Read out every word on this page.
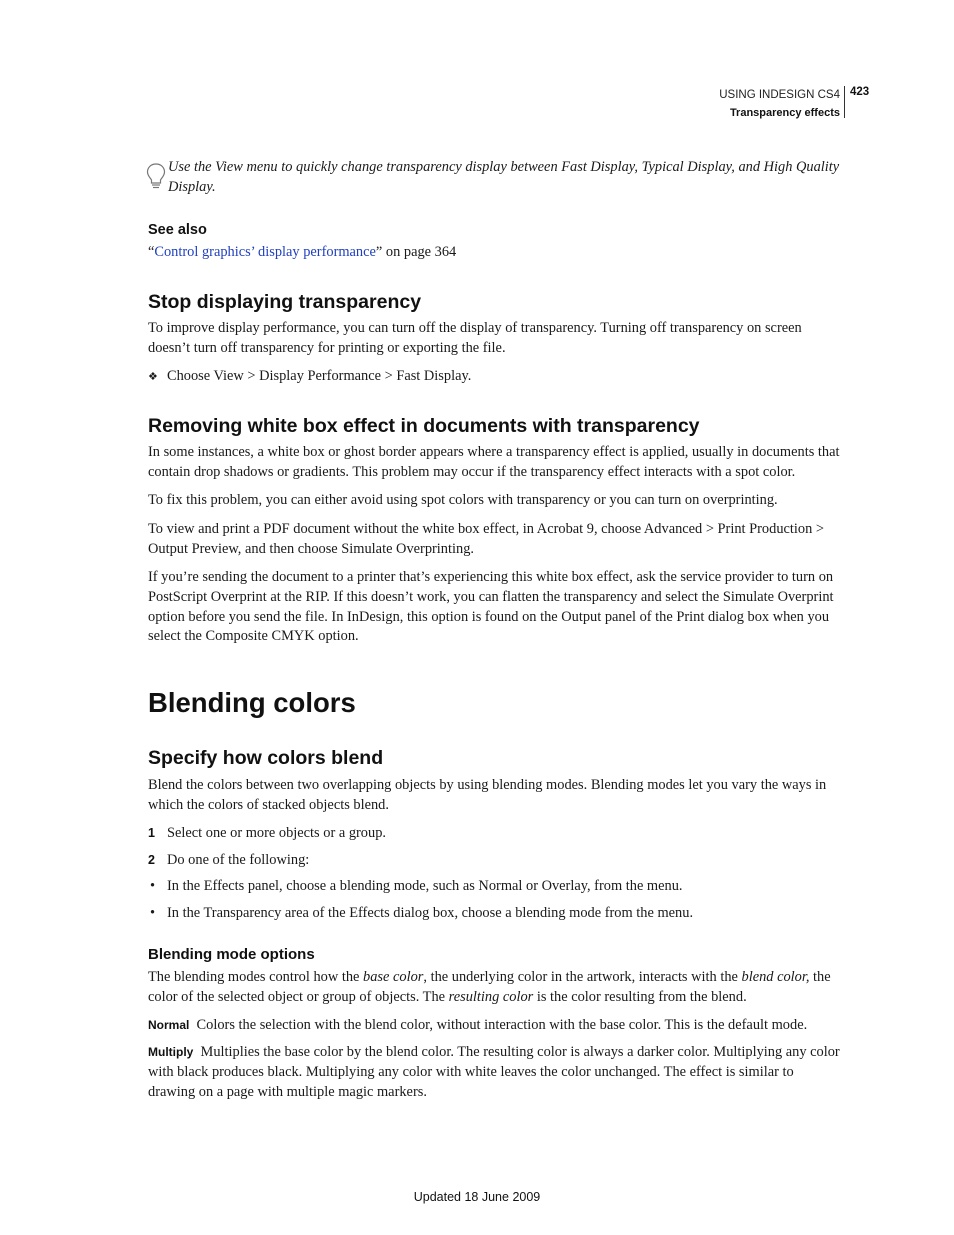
USING INDESIGN CS4
Transparency effects
423

Use the View menu to quickly change transparency display between Fast Display, Typical Display, and High Quality Display.

See also

“Control graphics’ display performance” on page 364

Stop displaying transparency

To improve display performance, you can turn off the display of transparency. Turning off transparency on screen doesn’t turn off transparency for printing or exporting the file.

❖ Choose View > Display Performance > Fast Display.
Removing white box effect in documents with transparency

In some instances, a white box or ghost border appears where a transparency effect is applied, usually in documents that contain drop shadows or gradients. This problem may occur if the transparency effect interacts with a spot color.

To fix this problem, you can either avoid using spot colors with transparency or you can turn on overprinting.

To view and print a PDF document without the white box effect, in Acrobat 9, choose Advanced > Print Production > Output Preview, and then choose Simulate Overprinting.

If you’re sending the document to a printer that’s experiencing this white box effect, ask the service provider to turn on PostScript Overprint at the RIP. If this doesn’t work, you can flatten the transparency and select the Simulate Overprint option before you send the file. In InDesign, this option is found on the Output panel of the Print dialog box when you select the Composite CMYK option.

Blending colors
Specify how colors blend

Blend the colors between two overlapping objects by using blending modes. Blending modes let you vary the ways in which the colors of stacked objects blend.

1 Select one or more objects or a group.
2 Do one of the following:
• In the Effects panel, choose a blending mode, such as Normal or Overlay, from the menu.
• In the Transparency area of the Effects dialog box, choose a blending mode from the menu.
Blending mode options

The blending modes control how the base color, the underlying color in the artwork, interacts with the blend color, the color of the selected object or group of objects. The resulting color is the color resulting from the blend.

Normal Colors the selection with the blend color, without interaction with the base color. This is the default mode.

Multiply Multiplies the base color by the blend color. The resulting color is always a darker color. Multiplying any color with black produces black. Multiplying any color with white leaves the color unchanged. The effect is similar to drawing on a page with multiple magic markers.

Updated 18 June 2009
